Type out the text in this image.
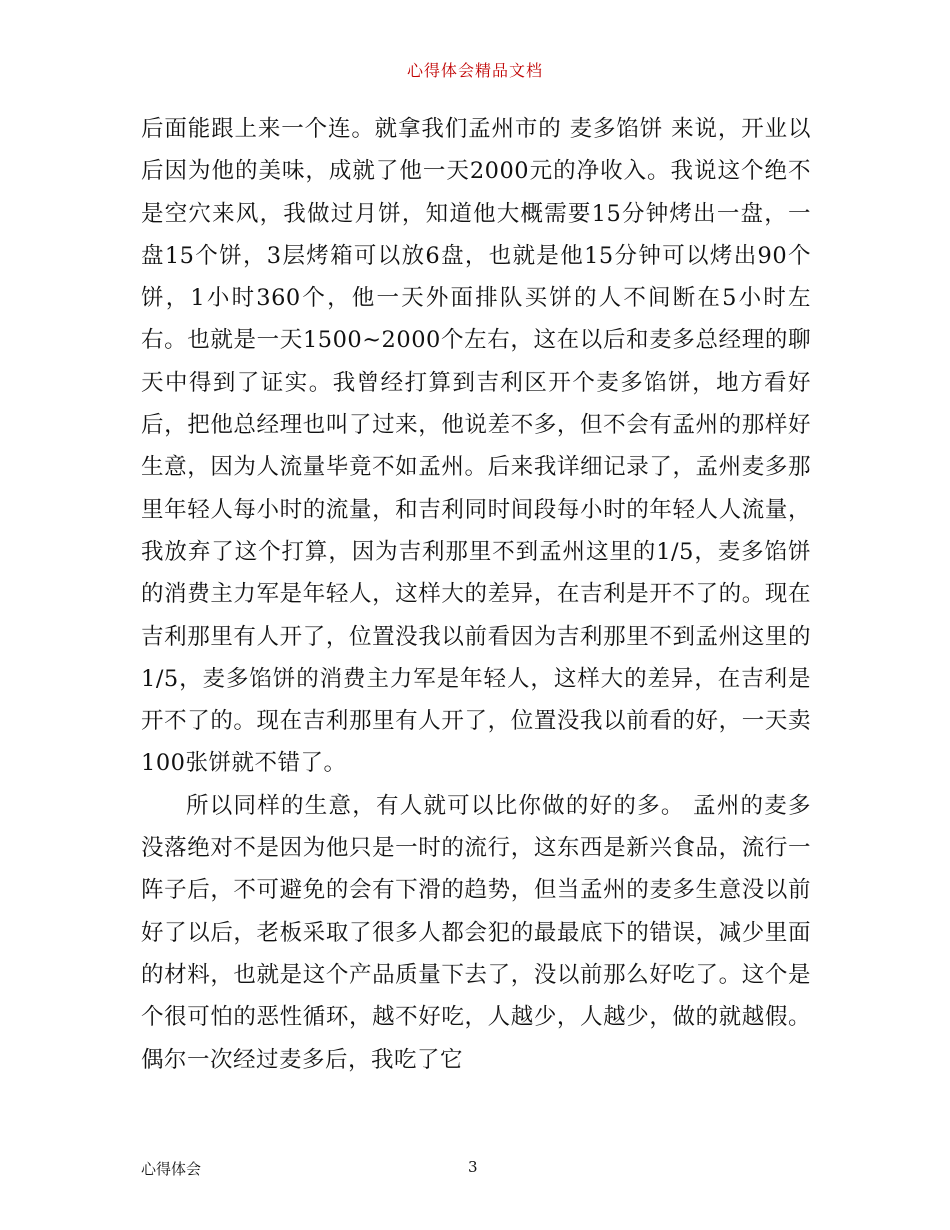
心得体会精品文档

后面能跟上来一个连。就拿我们孟州市的 麦多馅饼 来说，开业以后因为他的美味，成就了他一天2000元的净收入。我说这个绝不是空穴来风，我做过月饼，知道他大概需要15分钟烤出一盘，一盘15个饼，3层烤箱可以放6盘，也就是他15分钟可以烤出90个饼，1小时360个，他一天外面排队买饼的人不间断在5小时左右。也就是一天1500~2000个左右，这在以后和麦多总经理的聊天中得到了证实。我曾经打算到吉利区开个麦多馅饼，地方看好后，把他总经理也叫了过来，他说差不多，但不会有孟州的那样好生意，因为人流量毕竟不如孟州。后来我详细记录了，孟州麦多那里年轻人每小时的流量，和吉利同时间段每小时的年轻人人流量，我放弃了这个打算，因为吉利那里不到孟州这里的1/5，麦多馅饼的消费主力军是年轻人，这样大的差异，在吉利是开不了的。现在吉利那里有人开了，位置没我以前看因为吉利那里不到孟州这里的1/5，麦多馅饼的消费主力军是年轻人，这样大的差异，在吉利是开不了的。现在吉利那里有人开了，位置没我以前看的好，一天卖100张饼就不错了。

所以同样的生意，有人就可以比你做的好的多。 孟州的麦多没落绝对不是因为他只是一时的流行，这东西是新兴食品，流行一阵子后，不可避免的会有下滑的趋势，但当孟州的麦多生意没以前好了以后，老板采取了很多人都会犯的最最底下的错误，减少里面的材料，也就是这个产品质量下去了，没以前那么好吃了。这个是个很可怕的恶性循环，越不好吃，人越少，人越少，做的就越假。偶尔一次经过麦多后，我吃了它

心得体会	3
